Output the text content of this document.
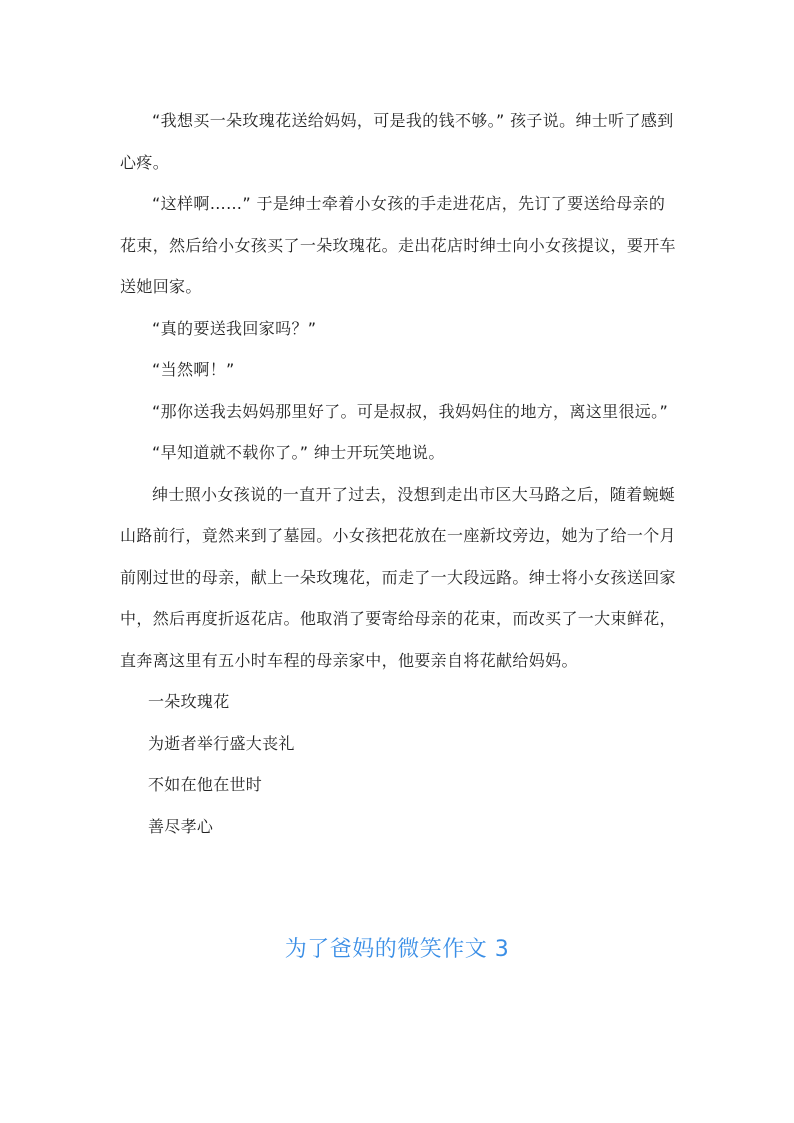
“我想买一朵玫瑰花送给妈妈，可是我的钱不够。” 孩子说。绅士听了感到心疼。

“这样啊……” 于是绅士牵着小女孩的手走进花店，先订了要送给母亲的花束，然后给小女孩买了一朵玫瑰花。走出花店时绅士向小女孩提议，要开车送她回家。

“真的要送我回家吗？”

“当然啊！”

“那你送我去妈妈那里好了。可是叔叔，我妈妈住的地方，离这里很远。”

“早知道就不载你了。” 绅士开玩笑地说。

绅士照小女孩说的一直开了过去，没想到走出市区大马路之后，随着蜿蜒山路前行，竟然来到了墓园。小女孩把花放在一座新坟旁边，她为了给一个月前刚过世的母亲，献上一朵玫瑰花，而走了一大段远路。绅士将小女孩送回家中，然后再度折返花店。他取消了要寄给母亲的花束，而改买了一大束鲜花，直奔离这里有五小时车程的母亲家中，他要亲自将花献给妈妈。

一朵玫瑰花

为逝者举行盛大丧礼

不如在他在世时

善尽孝心

为了爸妈的微笑作文 3
